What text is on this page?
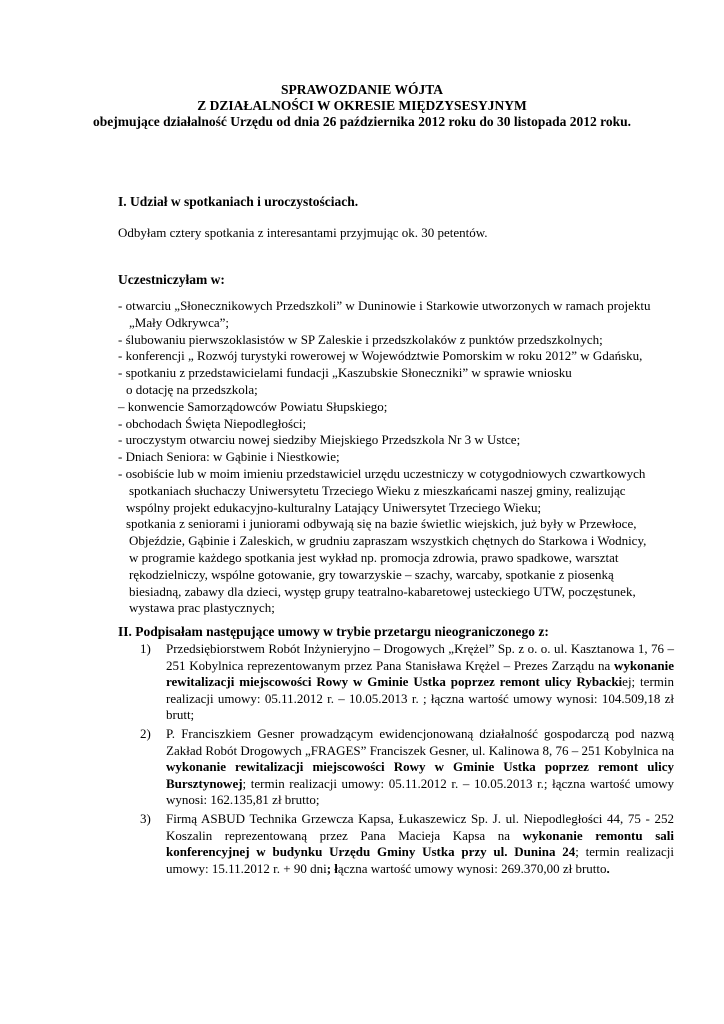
SPRAWOZDANIE WÓJTA
Z DZIAŁALNOŚCI W OKRESIE MIĘDZYSESYJNYM
obejmujące działalność Urzędu od dnia 26 października 2012 roku do 30 listopada 2012 roku.
I. Udział w spotkaniach i uroczystościach.
Odbyłam cztery spotkania z interesantami przyjmując ok. 30 petentów.
Uczestniczyłam w:
- otwarciu „Słonecznikowych Przedszkoli” w Duninowie i Starkowie utworzonych w ramach projektu
„Mały Odkrywca”;
- ślubowaniu pierwszoklasistów w SP Zaleskie i przedszkolaków z punktów przedszkolnych;
- konferencji „ Rozwój turystyki rowerowej w Województwie Pomorskim w roku 2012” w Gdańsku,
- spotkaniu z przedstawicielami fundacji „Kaszubskie Słoneczniki” w sprawie wniosku
o dotację na przedszkola;
– konwencie Samorządowców Powiatu Słupskiego;
- obchodach Święta Niepodległości;
- uroczystym otwarciu nowej siedziby Miejskiego Przedszkola Nr 3 w Ustce;
- Dniach Seniora: w Gąbinie i Niestkowie;
- osobiście lub w moim imieniu przedstawiciel urzędu uczestniczy w cotygodniowych czwartkowych
spotkaniach słuchaczy Uniwersytetu Trzeciego Wieku z mieszkańcami naszej gminy, realizując
wspólny projekt edukacyjno-kulturalny Latający Uniwersytet Trzeciego Wieku;
spotkania z seniorami i juniorami odbywają się na bazie świetlic wiejskich, już były w Przewłoce,
Objeździe, Gąbinie i Zaleskich, w grudniu zapraszam wszystkich chętnych do Starkowa i Wodnicy,
w programie każdego spotkania jest wykład np. promocja zdrowia, prawo spadkowe, warsztat
rękodzielniczy, wspólne gotowanie, gry towarzyskie – szachy, warcaby, spotkanie z piosenką
biesiadną, zabawy dla dzieci, występ grupy teatralno-kabaretowej usteckiego UTW, poczęstunek,
wystawa prac plastycznych;
II. Podpisałam następujące umowy w trybie przetargu nieograniczonego z:
1) Przedsiębiorstwem Robót Inżynieryjno – Drogowych „Krężel” Sp. z o. o. ul. Kasztanowa 1, 76 – 251 Kobylnica reprezentowanym przez Pana Stanisława Krężel – Prezes Zarządu na wykonanie rewitalizacji miejscowości Rowy w Gminie Ustka poprzez remont ulicy Rybackiej; termin realizacji umowy: 05.11.2012 r. – 10.05.2013 r. ; łączna wartość umowy wynosi: 104.509,18 zł brutt;
2) P. Franciszkiem Gesner prowadzącym ewidencjonowaną działalność gospodarczą pod nazwą Zakład Robót Drogowych „FRAGES” Franciszek Gesner, ul. Kalinowa 8, 76 – 251 Kobylnica na wykonanie rewitalizacji miejscowości Rowy w Gminie Ustka poprzez remont ulicy Bursztynowej; termin realizacji umowy: 05.11.2012 r. – 10.05.2013 r.; łączna wartość umowy wynosi: 162.135,81 zł brutto;
3) Firmą ASBUD Technika Grzewcza Kapsa, Łukaszewicz Sp. J. ul. Niepodległości 44, 75 - 252 Koszalin reprezentowaną przez Pana Macieja Kapsa na wykonanie remontu sali konferencyjnej w budynku Urzędu Gminy Ustka przy ul. Dunina 24; termin realizacji umowy: 15.11.2012 r. + 90 dni; łączna wartość umowy wynosi: 269.370,00 zł brutto.
